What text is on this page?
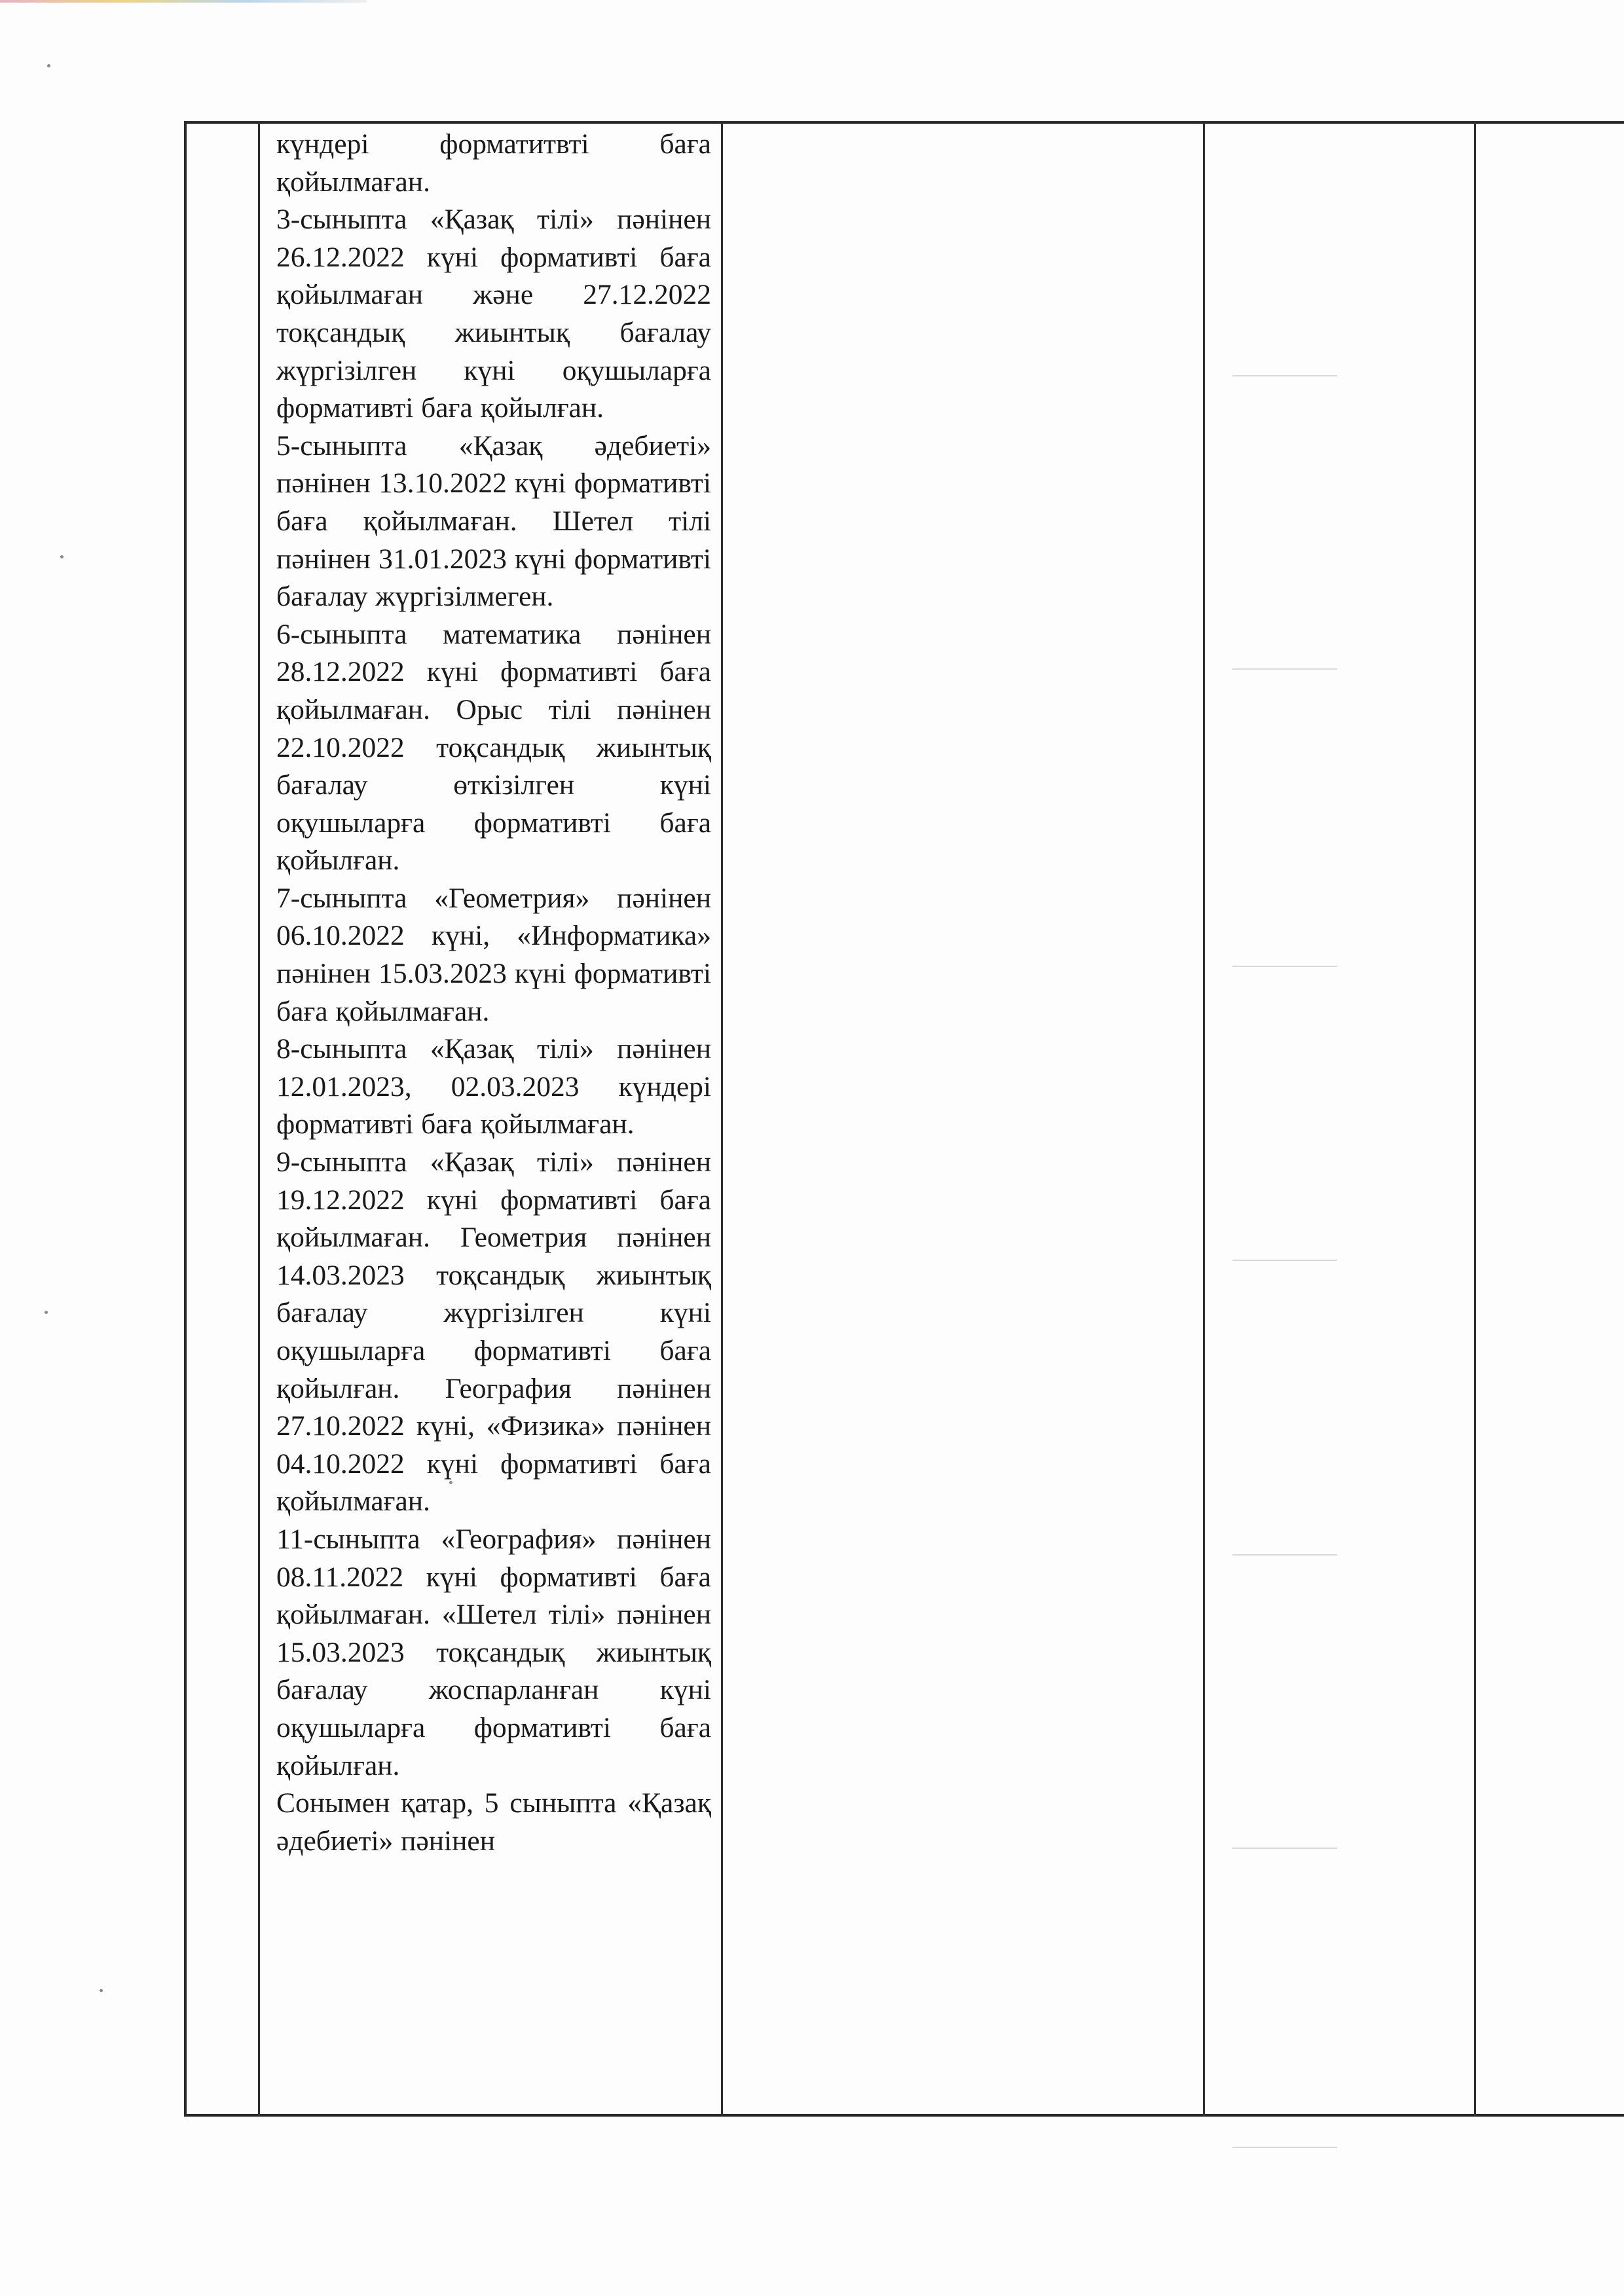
күндері форматитвті баға қойылмаған.

3-сыныпта «Қазақ тілі» пәнінен 26.12.2022 күні формативті баға қойылмаған және 27.12.2022 тоқсандық жиынтық бағалау жүргізілген күні оқушыларға формативті баға қойылған.

5-сыныпта «Қазақ әдебиеті» пәнінен 13.10.2022 күні формативті баға қойылмаған. Шетел тілі пәнінен 31.01.2023 күні формативті бағалау жүргізілмеген.

6-сыныпта математика пәнінен 28.12.2022 күні формативті баға қойылмаған. Орыс тілі пәнінен 22.10.2022 тоқсандық жиынтық бағалау өткізілген күні оқушыларға формативті баға қойылған.

7-сыныпта «Геометрия» пәнінен 06.10.2022 күні, «Информатика» пәнінен 15.03.2023 күні формативті баға қойылмаған.

8-сыныпта «Қазақ тілі» пәнінен 12.01.2023, 02.03.2023 күндері формативті баға қойылмаған.

9-сыныпта «Қазақ тілі» пәнінен 19.12.2022 күні формативті баға қойылмаған. Геометрия пәнінен 14.03.2023 тоқсандық жиынтық бағалау жүргізілген күні оқушыларға формативті баға қойылған. География пәнінен 27.10.2022 күні, «Физика» пәнінен 04.10.2022 күні формативті баға қойылмаған.

11-сыныпта «География» пәнінен 08.11.2022 күні формативті баға қойылмаған. «Шетел тілі» пәнінен 15.03.2023 тоқсандық жиынтық бағалау жоспарланған күні оқушыларға формативті баға қойылған.

Сонымен қатар, 5 сыныпта «Қазақ әдебиеті» пәнінен
